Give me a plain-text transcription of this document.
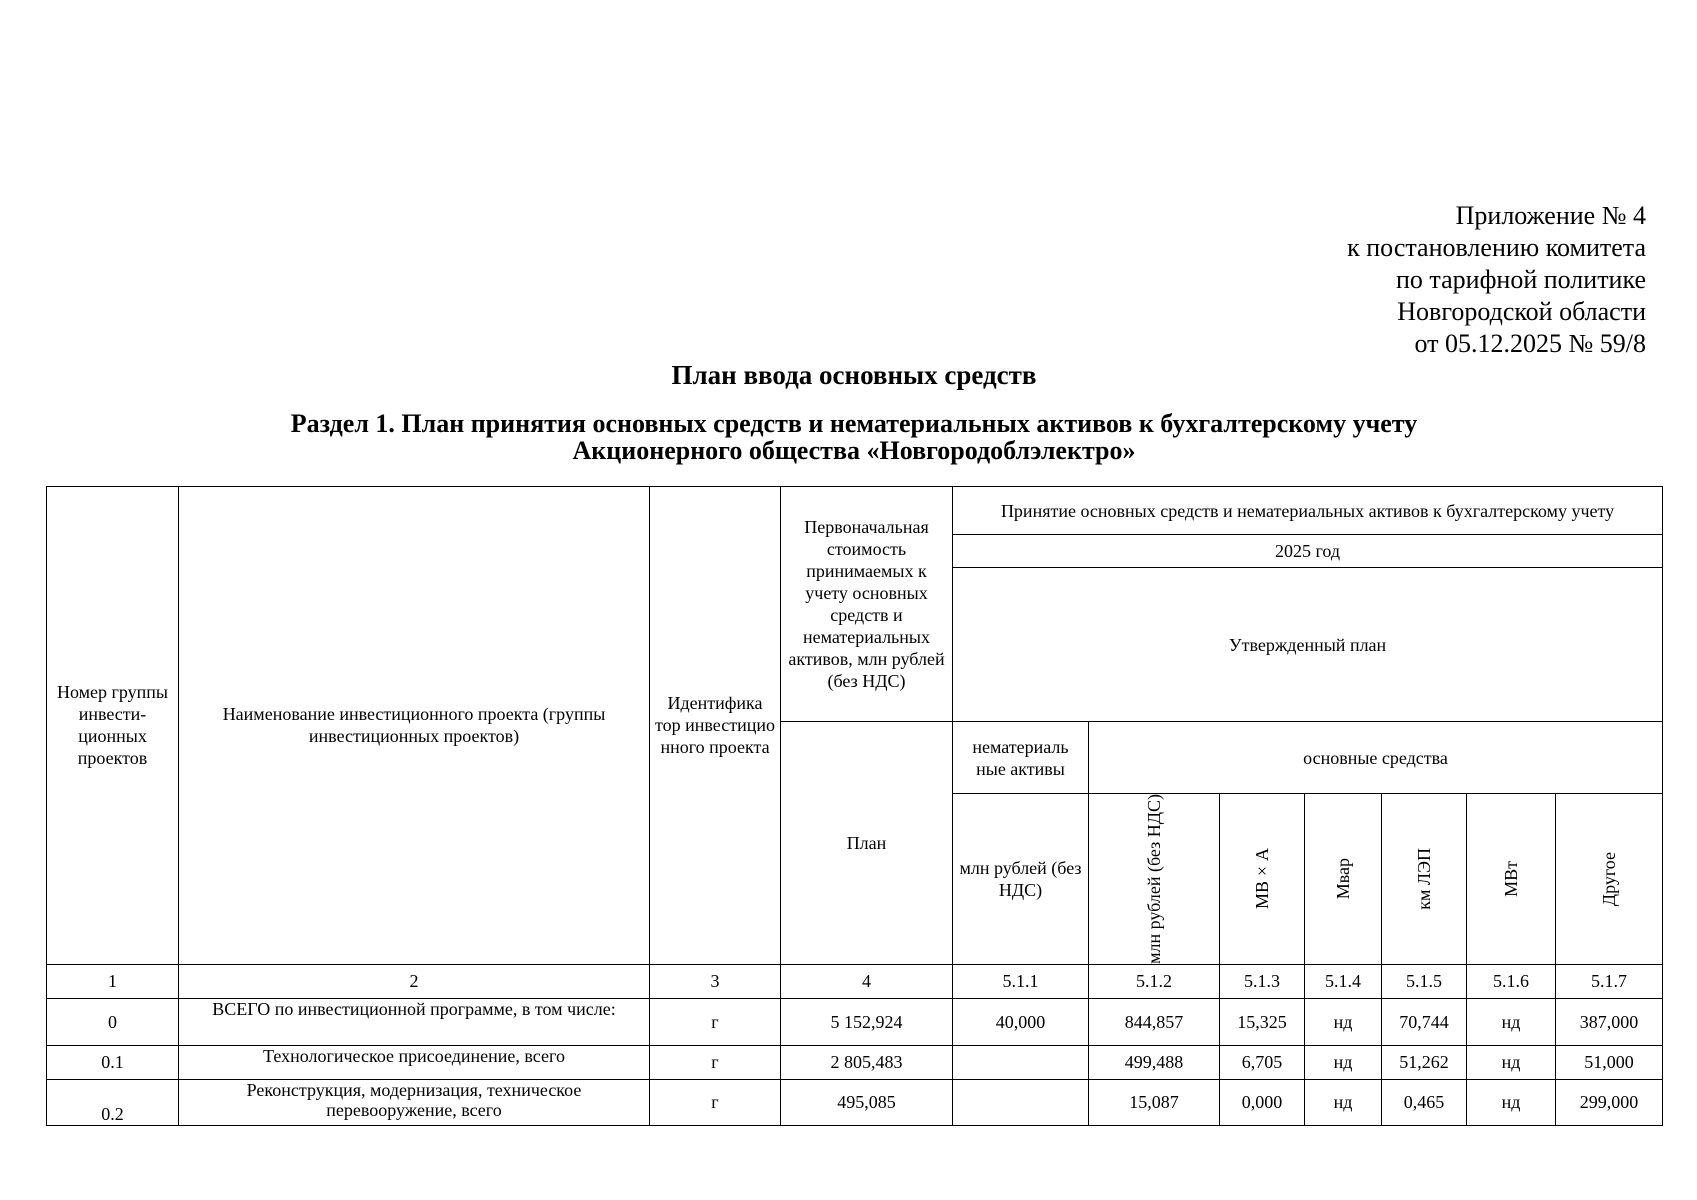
Приложение № 4
к постановлению комитета
по тарифной политике
Новгородской области
от 05.12.2025 № 59/8
План ввода основных средств
Раздел 1. План принятия основных средств и нематериальных активов к бухгалтерскому учету
Акционерного общества «Новгородоблэлектро»
Номер группы инвести-ционных проектов	Наименование инвестиционного проекта (группы инвестиционных проектов)	Идентифика тор инвестицио нного проекта	Первоначальная стоимость принимаемых к учету основных средств и нематериальных активов, млн рублей (без НДС)	Принятие основных средств и нематериальных активов к бухгалтерскому учету						
				2025 год						
				Утвержденный план						
			План	нематериаль ные активы	основные средства					
				млн рублей (без НДС)	млн рублей (без НДС)	МВ×А	Мвар	км ЛЭП	МВт	Другое

1	2	3	4	5.1.1	5.1.2	5.1.3	5.1.4	5.1.5	5.1.6	5.1.7
0	ВСЕГО по инвестиционной программе, в том числе:	г	5 152,924	40,000	844,857	15,325	нд	70,744	нд	387,000
0.1	Технологическое присоединение, всего	г	2 805,483		499,488	6,705	нд	51,262	нд	51,000
0.2	Реконструкция, модернизация, техническое перевооружение, всего	г	495,085		15,087	0,000	нд	0,465	нд	299,000
